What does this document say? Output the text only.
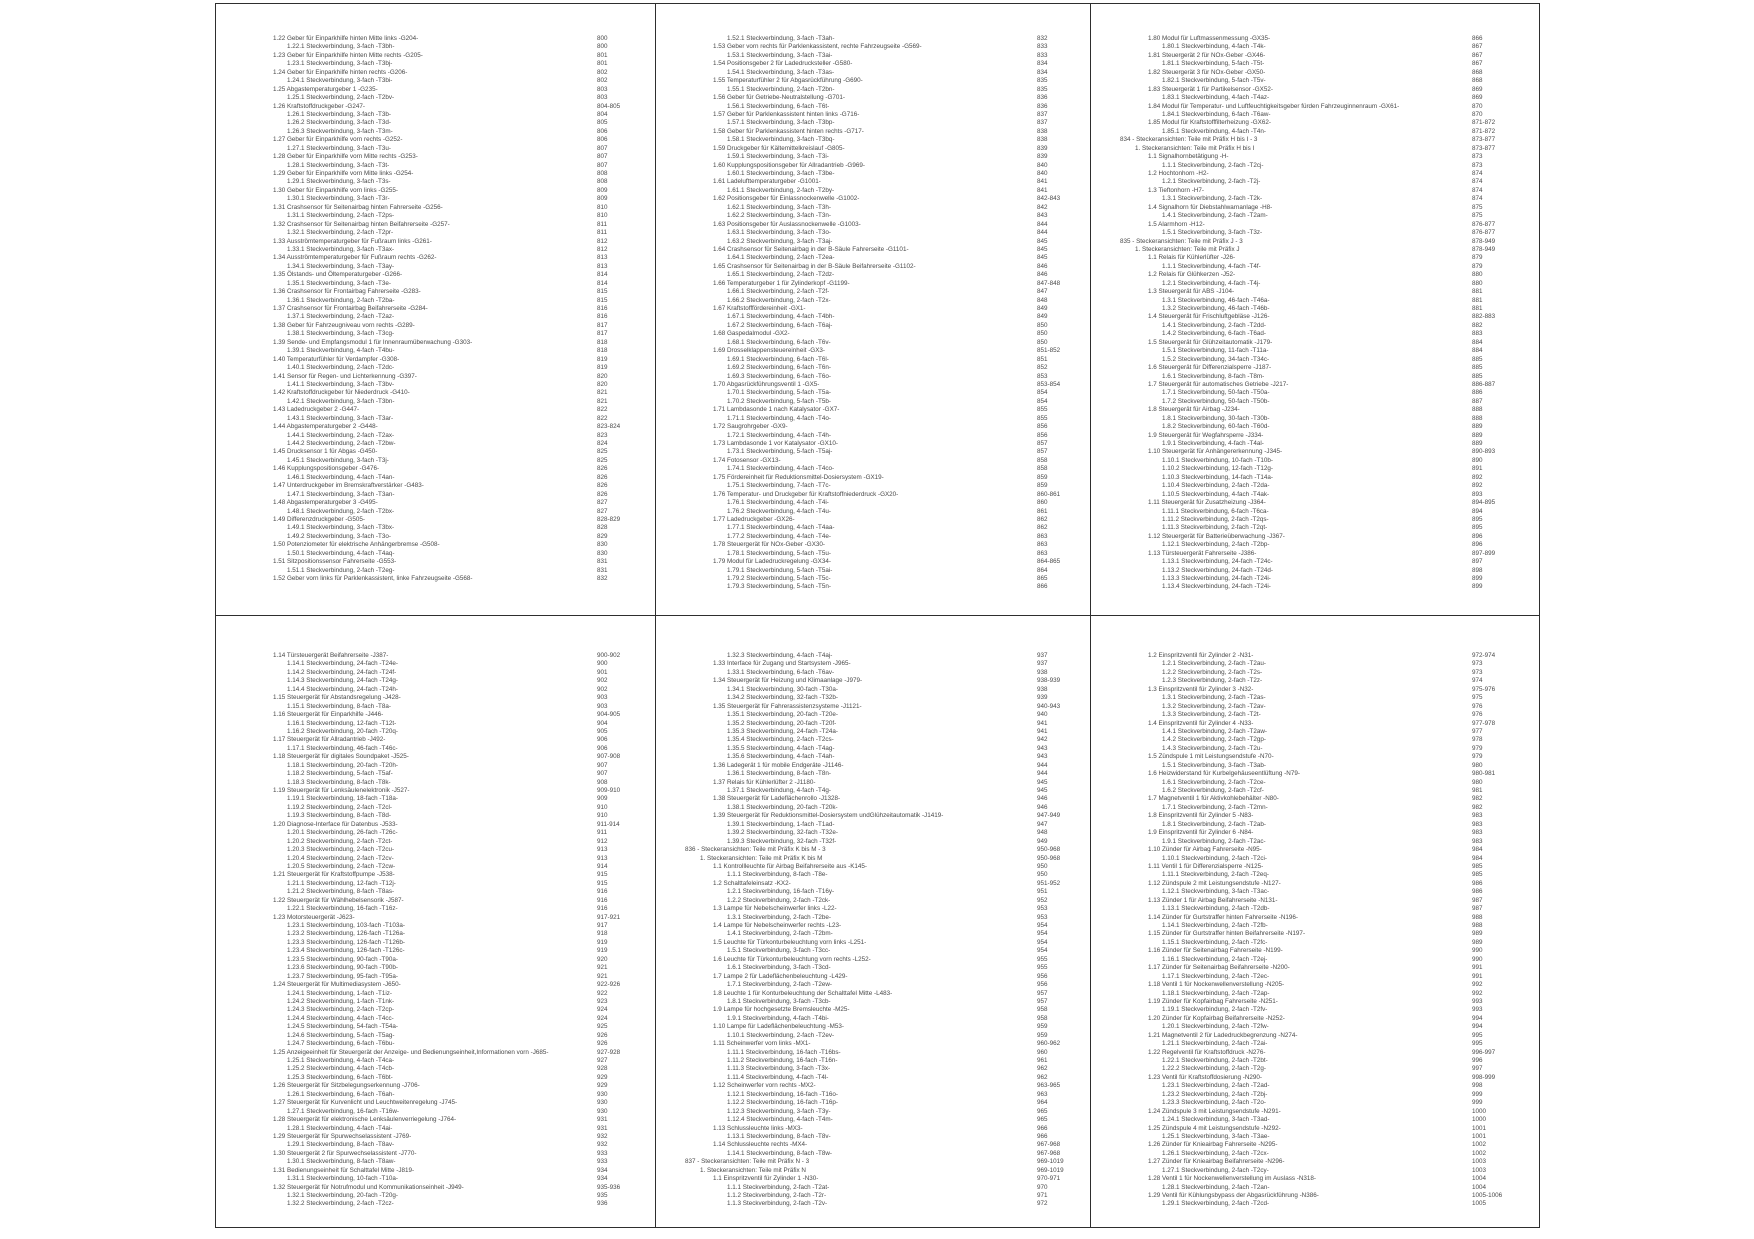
1.22 Geber für Einparkhilfe hinten Mitte links -G204-	800
1.22.1 Steckverbindung, 3-fach -T3bh-	800
1.23 Geber für Einparkhilfe hinten Mitte rechts -G205-	801
1.23.1 Steckverbindung, 3-fach -T3bj-	801
1.24 Geber für Einparkhilfe hinten rechts -G206-	802
1.24.1 Steckverbindung, 3-fach -T3bi-	802
1.25 Abgastemperaturgeber 1 -G235-	803
1.25.1 Steckverbindung, 2-fach -T2bv-	803
1.26 Kraftstoffdruckgeber -G247-	804-805
1.26.1 Steckverbindung, 3-fach -T3b-	804
1.26.2 Steckverbindung, 3-fach -T3d-	805
1.26.3 Steckverbindung, 3-fach -T3m-	806
1.27 Geber für Einparkhilfe vorn rechts -G252-	806
1.27.1 Steckverbindung, 3-fach -T3u-	807
1.28 Geber für Einparkhilfe vorn Mitte rechts -G253-	807
1.28.1 Steckverbindung, 3-fach -T3t-	807
1.29 Geber für Einparkhilfe vorn Mitte links -G254-	808
1.29.1 Steckverbindung, 3-fach -T3s-	808
1.30 Geber für Einparkhilfe vorn links -G255-	809
1.30.1 Steckverbindung, 3-fach -T3r-	809
1.31 Crashsensor für Seitenairbag hinten Fahrerseite -G256-	810
1.31.1 Steckverbindung, 2-fach -T2ps-	810
1.32 Crashsensor für Seitenairbag hinten Beifahrerseite -G257-	811
1.32.1 Steckverbindung, 2-fach -T2pr-	811
1.33 Ausströmtemperaturgeber für Fußraum links -G261-	812
1.33.1 Steckverbindung, 3-fach -T3ax-	812
1.34 Ausströmtemperaturgeber für Fußraum rechts -G262-	813
1.34.1 Steckverbindung, 3-fach -T3ay-	813
1.35 Ölstands- und Öltemperaturgeber -G266-	814
1.35.1 Steckverbindung, 3-fach -T3e-	814
1.36 Crashsensor für Frontairbag Fahrerseite -G283-	815
1.36.1 Steckverbindung, 2-fach -T2ba-	815
1.37 Crashsensor für Frontairbag Beifahrerseite -G284-	816
1.37.1 Steckverbindung, 2-fach -T2az-	816
1.38 Geber für Fahrzeugniveau vorn rechts -G289-	817
1.38.1 Steckverbindung, 3-fach -T3cg-	817
1.39 Sende- und Empfangsmodul 1 für Innenraumüberwachung -G303-	818
1.39.1 Steckverbindung, 4-fach -T4bu-	818
1.40 Temperaturfühler für Verdampfer -G308-	819
1.40.1 Steckverbindung, 2-fach -T2dc-	819
1.41 Sensor für Regen- und Lichterkennung -G397-	820
1.41.1 Steckverbindung, 3-fach -T3bv-	820
1.42 Kraftstoffdruckgeber für Niederdruck -G410-	821
1.42.1 Steckverbindung, 3-fach -T3bn-	821
1.43 Ladedruckgeber 2 -G447-	822
1.43.1 Steckverbindung, 3-fach -T3ar-	822
1.44 Abgastemperaturgeber 2 -G448-	823-824
1.44.1 Steckverbindung, 2-fach -T2ax-	823
1.44.2 Steckverbindung, 2-fach -T2bw-	824
1.45 Drucksensor 1 für Abgas -G450-	825
1.45.1 Steckverbindung, 3-fach -T3j-	825
1.46 Kupplungspositionsgeber -G476-	826
1.46.1 Steckverbindung, 4-fach -T4an-	826
1.47 Unterdruckgeber im Bremskraftverstärker -G483-	826
1.47.1 Steckverbindung, 3-fach -T3an-	826
1.48 Abgastemperaturgeber 3 -G495-	827
1.48.1 Steckverbindung, 2-fach -T2bx-	827
1.49 Differenzdruckgeber -G505-	828-829
1.49.1 Steckverbindung, 3-fach -T3bx-	828
1.49.2 Steckverbindung, 3-fach -T3o-	829
1.50 Potenziometer für elektrische Anhängerbremse -G508-	830
1.50.1 Steckverbindung, 4-fach -T4aq-	830
1.51 Sitzpositionssensor Fahrerseite -G553-	831
1.51.1 Steckverbindung, 2-fach -T2eg-	831
1.52 Geber vorn links für Parklenkassistent, linke Fahrzeugseite -G568-	832
1.52.1 Steckverbindung, 3-fach -T3ah-	832
1.53 Geber vorn rechts für Parklenkassistent, rechte Fahrzeugseite -G569-	833
1.53.1 Steckverbindung, 3-fach -T3ai-	833
1.54 Positionsgeber 2 für Ladedrucksteller -G580-	834
1.54.1 Steckverbindung, 3-fach -T3as-	834
1.55 Temperaturfühler 2 für Abgasrückführung -G690-	835
1.55.1 Steckverbindung, 2-fach -T2bn-	835
1.56 Geber für Getriebe-Neutralstellung -G701-	836
1.56.1 Steckverbindung, 6-fach -T6t-	836
1.57 Geber für Parklenkassistent hinten links -G716-	837
1.57.1 Steckverbindung, 3-fach -T3bp-	837
1.58 Geber für Parklenkassistent hinten rechts -G717-	838
1.58.1 Steckverbindung, 3-fach -T3bq-	838
1.59 Druckgeber für Kältemittelkreislauf -G805-	839
1.59.1 Steckverbindung, 3-fach -T3i-	839
1.60 Kupplungspositionsgeber für Allradantrieb -G969-	840
1.60.1 Steckverbindung, 3-fach -T3be-	840
1.61 Ladelufttemperaturgeber -G1001-	841
1.61.1 Steckverbindung, 2-fach -T2by-	841
1.62 Positionsgeber für Einlassnockenwelle -G1002-	842-843
1.62.1 Steckverbindung, 3-fach -T3h-	842
1.62.2 Steckverbindung, 3-fach -T3n-	843
1.63 Positionsgeber für Auslassnockenwelle -G1003-	844
1.63.1 Steckverbindung, 3-fach -T3o-	844
1.63.2 Steckverbindung, 3-fach -T3aj-	845
1.64 Crashsensor für Seitenairbag in der B-Säule Fahrerseite -G1101-	845
1.64.1 Steckverbindung, 2-fach -T2ea-	845
1.65 Crashsensor für Seitenairbag in der B-Säule Beifahrerseite -G1102-	846
1.65.1 Steckverbindung, 2-fach -T2dz-	846
1.66 Temperaturgeber 1 für Zylinderkopf -G1199-	847-848
1.66.1 Steckverbindung, 2-fach -T2f-	847
1.66.2 Steckverbindung, 2-fach -T2x-	848
1.67 Kraftstofffördereinheit -GX1-	849
1.67.1 Steckverbindung, 4-fach -T4bh-	849
1.67.2 Steckverbindung, 6-fach -T6aj-	850
1.68 Gaspedalmodul -GX2-	850
1.68.1 Steckverbindung, 6-fach -T6v-	850
1.69 Drosselklappensteuereinheit -GX3-	851-852
1.69.1 Steckverbindung, 6-fach -T6l-	851
1.69.2 Steckverbindung, 6-fach -T6n-	852
1.69.3 Steckverbindung, 6-fach -T6o-	853
1.70 Abgasrückführungsventil 1 -GX5-	853-854
1.70.1 Steckverbindung, 5-fach -T5a-	854
1.70.2 Steckverbindung, 5-fach -T5b-	854
1.71 Lambdasonde 1 nach Katalysator -GX7-	855
1.71.1 Steckverbindung, 4-fach -T4o-	855
1.72 Saugrohrgeber -GX9-	856
1.72.1 Steckverbindung, 4-fach -T4h-	856
1.73 Lambdasonde 1 vor Katalysator -GX10-	857
1.73.1 Steckverbindung, 5-fach -T5aj-	857
1.74 Fotosensor -GX13-	858
1.74.1 Steckverbindung, 4-fach -T4co-	858
1.75 Fördereinheit für Reduktionsmittel-Dosiersystem -GX19-	859
1.75.1 Steckverbindung, 7-fach -T7c-	859
1.76 Temperatur- und Druckgeber für Kraftstoffniederdruck -GX20-	860-861
1.76.1 Steckverbindung, 4-fach -T4i-	860
1.76.2 Steckverbindung, 4-fach -T4u-	861
1.77 Ladedruckgeber -GX26-	862
1.77.1 Steckverbindung, 4-fach -T4aa-	862
1.77.2 Steckverbindung, 4-fach -T4e-	863
1.78 Steuergerät für NOx-Geber -GX30-	863
1.78.1 Steckverbindung, 5-fach -T5u-	863
1.79 Modul für Ladedruckregelung -GX34-	864-865
1.79.1 Steckverbindung, 5-fach -T5ai-	864
1.79.2 Steckverbindung, 5-fach -T5c-	865
1.79.3 Steckverbindung, 5-fach -T5n-	866
1.80 Modul für Luftmassenmessung -GX35-	866
1.80.1 Steckverbindung, 4-fach -T4k-	867
1.81 Steuergerät 2 für NOx-Geber -GX46-	867
1.81.1 Steckverbindung, 5-fach -T5t-	867
1.82 Steuergerät 3 für NOx-Geber -GX50-	868
1.82.1 Steckverbindung, 5-fach -T5v-	868
1.83 Steuergerät 1 für Partikelsensor -GX52-	869
1.83.1 Steckverbindung, 4-fach -T4az-	869
1.84 Modul für Temperatur- und Luftfeuchtigkeitsgeber fürden Fahrzeuginnenraum -GX61-	870
1.84.1 Steckverbindung, 6-fach -T6aw-	870
1.85 Modul für Kraftstofffilterheizung -GX62-	871-872
1.85.1 Steckverbindung, 4-fach -T4n-	871-872
834 - Steckeransichten: Teile mit Präfix H bis I - 3	873-877
1. Steckeransichten: Teile mit Präfix H bis I	873-877
1.1 Signalhornbetätigung -H-	873
1.1.1 Steckverbindung, 2-fach -T2cj-	873
1.2 Hochtonhorn -H2-	874
1.2.1 Steckverbindung, 2-fach -T2j-	874
1.3 Tieftonhorn -H7-	874
1.3.1 Steckverbindung, 2-fach -T2k-	874
1.4 Signalhorn für Diebstahlwarnanlage -H8-	875
1.4.1 Steckverbindung, 2-fach -T2am-	875
1.5 Alarmhorn -H12-	876-877
1.5.1 Steckverbindung, 3-fach -T3z-	876-877
835 - Steckeransichten: Teile mit Präfix J - 3	878-949
1. Steckeransichten: Teile mit Präfix J	878-949
1.1 Relais für Kühlerlüfter -J26-	879
1.1.1 Steckverbindung, 4-fach -T4f-	879
1.2 Relais für Glühkerzen -J52-	880
1.2.1 Steckverbindung, 4-fach -T4j-	880
1.3 Steuergerät für ABS -J104-	881
1.3.1 Steckverbindung, 46-fach -T46a-	881
1.3.2 Steckverbindung, 46-fach -T46b-	881
1.4 Steuergerät für Frischluftgebläse -J126-	882-883
1.4.1 Steckverbindung, 2-fach -T2dd-	882
1.4.2 Steckverbindung, 6-fach -T6ad-	883
1.5 Steuergerät für Glühzeitautomatik -J179-	884
1.5.1 Steckverbindung, 11-fach -T11a-	884
1.5.2 Steckverbindung, 34-fach -T34c-	885
1.6 Steuergerät für Differenzialsperre -J187-	885
1.6.1 Steckverbindung, 8-fach -T8m-	885
1.7 Steuergerät für automatisches Getriebe -J217-	886-887
1.7.1 Steckverbindung, 50-fach -T50a-	886
1.7.2 Steckverbindung, 50-fach -T50b-	887
1.8 Steuergerät für Airbag -J234-	888
1.8.1 Steckverbindung, 30-fach -T30b-	888
1.8.2 Steckverbindung, 60-fach -T60d-	889
1.9 Steuergerät für Wegfahrsperre -J334-	889
1.9.1 Steckverbindung, 4-fach -T4al-	889
1.10 Steuergerät für Anhängererkennung -J345-	890-893
1.10.1 Steckverbindung, 10-fach -T10b-	890
1.10.2 Steckverbindung, 12-fach -T12g-	891
1.10.3 Steckverbindung, 14-fach -T14a-	892
1.10.4 Steckverbindung, 2-fach -T2da-	892
1.10.5 Steckverbindung, 4-fach -T4ak-	893
1.11 Steuergerät für Zusatzheizung -J364-	894-895
1.11.1 Steckverbindung, 6-fach -T6ca-	894
1.11.2 Steckverbindung, 2-fach -T2qs-	895
1.11.3 Steckverbindung, 2-fach -T2qt-	895
1.12 Steuergerät für Batterieüberwachung -J367-	896
1.12.1 Steckverbindung, 2-fach -T2bp-	896
1.13 Türsteuergerät Fahrerseite -J386-	897-899
1.13.1 Steckverbindung, 24-fach -T24c-	897
1.13.2 Steckverbindung, 24-fach -T24d-	898
1.13.3 Steckverbindung, 24-fach -T24i-	899
1.13.4 Steckverbindung, 24-fach -T24i-	899
1.14 Türsteuergerät Beifahrerseite -J387-	900-902
1.14.1 Steckverbindung, 24-fach -T24e-	900
1.14.2 Steckverbindung, 24-fach -T24f-	901
1.14.3 Steckverbindung, 24-fach -T24g-	902
1.14.4 Steckverbindung, 24-fach -T24h-	902
1.15 Steuergerät für Abstandsregelung -J428-	903
1.15.1 Steckverbindung, 8-fach -T8a-	903
1.16 Steuergerät für Einparkhilfe -J446-	904-905
1.16.1 Steckverbindung, 12-fach -T12t-	904
1.16.2 Steckverbindung, 20-fach -T20q-	905
1.17 Steuergerät für Allradantrieb -J492-	906
1.17.1 Steckverbindung, 46-fach -T46c-	906
1.18 Steuergerät für digitales Soundpaket -J525-	907-908
1.18.1 Steckverbindung, 20-fach -T20h-	907
1.18.2 Steckverbindung, 5-fach -T5af-	907
1.18.3 Steckverbindung, 8-fach -T8k-	908
1.19 Steuergerät für Lenksäulenelektronik -J527-	909-910
1.19.1 Steckverbindung, 18-fach -T18a-	909
1.19.2 Steckverbindung, 2-fach -T2cl-	910
1.19.3 Steckverbindung, 8-fach -T8d-	910
1.20 Diagnose-Interface für Datenbus -J533-	911-914
1.20.1 Steckverbindung, 26-fach -T26c-	911
1.20.2 Steckverbindung, 2-fach -T2ct-	912
1.20.3 Steckverbindung, 2-fach -T2cu-	913
1.20.4 Steckverbindung, 2-fach -T2cv-	913
1.20.5 Steckverbindung, 2-fach -T2cw-	914
1.21 Steuergerät für Kraftstoffpumpe -J538-	915
1.21.1 Steckverbindung, 12-fach -T12j-	915
1.21.2 Steckverbindung, 8-fach -T8as-	916
1.22 Steuergerät für Wählhebelsensorik -J587-	916
1.22.1 Steckverbindung, 16-fach -T16z-	916
1.23 Motorsteuergerät -J623-	917-921
1.23.1 Steckverbindung, 103-fach -T103a-	917
1.23.2 Steckverbindung, 126-fach -T126a-	918
1.23.3 Steckverbindung, 126-fach -T126b-	919
1.23.4 Steckverbindung, 126-fach -T126c-	919
1.23.5 Steckverbindung, 90-fach -T90a-	920
1.23.6 Steckverbindung, 90-fach -T90b-	921
1.23.7 Steckverbindung, 95-fach -T95a-	921
1.24 Steuergerät für Multimediasystem -J650-	922-926
1.24.1 Steckverbindung, 1-fach -T1iz-	922
1.24.2 Steckverbindung, 1-fach -T1nk-	923
1.24.3 Steckverbindung, 2-fach -T2cp-	924
1.24.4 Steckverbindung, 4-fach -T4cc-	924
1.24.5 Steckverbindung, 54-fach -T54a-	925
1.24.6 Steckverbindung, 5-fach -T5ag-	926
1.24.7 Steckverbindung, 6-fach -T6bu-	926
1.25 Anzeigeeinheit für Steuergerät der Anzeige- und Bedienungseinheit,Informationen vorn -J685-	927-928
1.25.1 Steckverbindung, 4-fach -T4ca-	927
1.25.2 Steckverbindung, 4-fach -T4cb-	928
1.25.3 Steckverbindung, 6-fach -T6bt-	929
1.26 Steuergerät für Sitzbelegungserkennung -J706-	929
1.26.1 Steckverbindung, 6-fach -T6ah-	930
1.27 Steuergerät für Kurvenlicht und Leuchtweitenregelung -J745-	930
1.27.1 Steckverbindung, 16-fach -T16w-	930
1.28 Steuergerät für elektronische Lenksäulenverriegelung -J764-	931
1.28.1 Steckverbindung, 4-fach -T4ai-	931
1.29 Steuergerät für Spurwechselassistent -J769-	932
1.29.1 Steckverbindung, 8-fach -T8av-	932
1.30 Steuergerät 2 für Spurwechselassistent -J770-	933
1.30.1 Steckverbindung, 8-fach -T8aw-	933
1.31 Bedienungseinheit für Schalttafel Mitte -J819-	934
1.31.1 Steckverbindung, 10-fach -T10a-	934
1.32 Steuergerät für Notrufmodul und Kommunikationseinheit -J949-	935-936
1.32.1 Steckverbindung, 20-fach -T20g-	935
1.32.2 Steckverbindung, 2-fach -T2cz-	936
1.32.3 Steckverbindung, 4-fach -T4aj-	937
1.33 Interface für Zugang und Startsystem -J965-	937
1.33.1 Steckverbindung, 6-fach -T6av-	938
1.34 Steuergerät für Heizung und Klimaanlage -J979-	938-939
1.34.1 Steckverbindung, 30-fach -T30a-	938
1.34.2 Steckverbindung, 32-fach -T32b-	939
1.35 Steuergerät für Fahrerassistenzsysteme -J1121-	940-943
1.35.1 Steckverbindung, 20-fach -T20e-	940
1.35.2 Steckverbindung, 20-fach -T20f-	941
1.35.3 Steckverbindung, 24-fach -T24a-	941
1.35.4 Steckverbindung, 2-fach -T2cs-	942
1.35.5 Steckverbindung, 4-fach -T4ag-	943
1.35.6 Steckverbindung, 4-fach -T4ah-	943
1.36 Ladegerät 1 für mobile Endgeräte -J1146-	944
1.36.1 Steckverbindung, 8-fach -T8n-	944
1.37 Relais für Kühlerlüfter 2 -J1180-	945
1.37.1 Steckverbindung, 4-fach -T4g-	945
1.38 Steuergerät für Ladeflächenrollo -J1328-	946
1.38.1 Steckverbindung, 20-fach -T20k-	946
1.39 Steuergerät für Reduktionsmittel-Dosiersystem undGlühzeitautomatik -J1419-	947-949
1.39.1 Steckverbindung, 1-fach -T1ad-	947
1.39.2 Steckverbindung, 32-fach -T32e-	948
1.39.3 Steckverbindung, 32-fach -T32f-	949
836 - Steckeransichten: Teile mit Präfix K bis M - 3	950-968
1. Steckeransichten: Teile mit Präfix K bis M	950-968
1.1 Kontrollleuchte für Airbag Beifahrerseite aus -K145-	950
1.1.1 Steckverbindung, 8-fach -T8e-	950
1.2 Schalttafeleinsatz -KX2-	951-952
1.2.1 Steckverbindung, 16-fach -T16y-	951
1.2.2 Steckverbindung, 2-fach -T2ck-	952
1.3 Lampe für Nebelscheinwerfer links -L22-	953
1.3.1 Steckverbindung, 2-fach -T2be-	953
1.4 Lampe für Nebelscheinwerfer rechts -L23-	954
1.4.1 Steckverbindung, 2-fach -T2bm-	954
1.5 Leuchte für Türkonturbeleuchtung vorn links -L251-	954
1.5.1 Steckverbindung, 3-fach -T3cc-	954
1.6 Leuchte für Türkonturbeleuchtung vorn rechts -L252-	955
1.6.1 Steckverbindung, 3-fach -T3cd-	955
1.7 Lampe 2 für Ladeflächenbeleuchtung -L429-	956
1.7.1 Steckverbindung, 2-fach -T2ew-	956
1.8 Leuchte 1 für Konturbeleuchtung der Schalttafel Mitte -L483-	957
1.8.1 Steckverbindung, 3-fach -T3cb-	957
1.9 Lampe für hochgesetzte Bremsleuchte -M25-	958
1.9.1 Steckverbindung, 4-fach -T4bi-	958
1.10 Lampe für Ladeflächenbeleuchtung -M53-	959
1.10.1 Steckverbindung, 2-fach -T2ev-	959
1.11 Scheinwerfer vorn links -MX1-	960-962
1.11.1 Steckverbindung, 16-fach -T16bs-	960
1.11.2 Steckverbindung, 16-fach -T16n-	961
1.11.3 Steckverbindung, 3-fach -T3x-	962
1.11.4 Steckverbindung, 4-fach -T4l-	962
1.12 Scheinwerfer vorn rechts -MX2-	963-965
1.12.1 Steckverbindung, 16-fach -T16o-	963
1.12.2 Steckverbindung, 16-fach -T16p-	964
1.12.3 Steckverbindung, 3-fach -T3y-	965
1.12.4 Steckverbindung, 4-fach -T4m-	965
1.13 Schlussleuchte links -MX3-	966
1.13.1 Steckverbindung, 8-fach -T8v-	966
1.14 Schlussleuchte rechts -MX4-	967-968
1.14.1 Steckverbindung, 8-fach -T8w-	967-968
837 - Steckeransichten: Teile mit Präfix N - 3	969-1019
1. Steckeransichten: Teile mit Präfix N	969-1019
1.1 Einspritzventil für Zylinder 1 -N30-	970-971
1.1.1 Steckverbindung, 2-fach -T2at-	970
1.1.2 Steckverbindung, 2-fach -T2r-	971
1.1.3 Steckverbindung, 2-fach -T2v-	972
1.2 Einspritzventil für Zylinder 2 -N31-	972-974
1.2.1 Steckverbindung, 2-fach -T2au-	973
1.2.2 Steckverbindung, 2-fach -T2s-	973
1.2.3 Steckverbindung, 2-fach -T2z-	974
1.3 Einspritzventil für Zylinder 3 -N32-	975-976
1.3.1 Steckverbindung, 2-fach -T2as-	975
1.3.2 Steckverbindung, 2-fach -T2av-	976
1.3.3 Steckverbindung, 2-fach -T2t-	976
1.4 Einspritzventil für Zylinder 4 -N33-	977-978
1.4.1 Steckverbindung, 2-fach -T2aw-	977
1.4.2 Steckverbindung, 2-fach -T2gp-	978
1.4.3 Steckverbindung, 2-fach -T2u-	979
1.5 Zündspule 1 mit Leistungsendstufe -N70-	979
1.5.1 Steckverbindung, 3-fach -T3ab-	980
1.6 Heizwiderstand für Kurbelgehäuseentlüftung -N79-	980-981
1.6.1 Steckverbindung, 2-fach -T2ce-	980
1.6.2 Steckverbindung, 2-fach -T2cf-	981
1.7 Magnetventil 1 für Aktivkohlebehälter -N80-	982
1.7.1 Steckverbindung, 2-fach -T2mn-	982
1.8 Einspritzventil für Zylinder 5 -N83-	983
1.8.1 Steckverbindung, 2-fach -T2ab-	983
1.9 Einspritzventil für Zylinder 6 -N84-	983
1.9.1 Steckverbindung, 2-fach -T2ac-	983
1.10 Zünder für Airbag Fahrerseite -N95-	984
1.10.1 Steckverbindung, 2-fach -T2ci-	984
1.11 Ventil 1 für Differenzialsperre -N125-	985
1.11.1 Steckverbindung, 2-fach -T2eq-	985
1.12 Zündspule 2 mit Leistungsendstufe -N127-	986
1.12.1 Steckverbindung, 3-fach -T3ac-	986
1.13 Zünder 1 für Airbag Beifahrerseite -N131-	987
1.13.1 Steckverbindung, 2-fach -T2db-	987
1.14 Zünder für Gurtstraffer hinten Fahrerseite -N196-	988
1.14.1 Steckverbindung, 2-fach -T2fb-	988
1.15 Zünder für Gurtstraffer hinten Beifahrerseite -N197-	989
1.15.1 Steckverbindung, 2-fach -T2fc-	989
1.16 Zünder für Seitenairbag Fahrerseite -N199-	990
1.16.1 Steckverbindung, 2-fach -T2ej-	990
1.17 Zünder für Seitenairbag Beifahrerseite -N200-	991
1.17.1 Steckverbindung, 2-fach -T2ec-	991
1.18 Ventil 1 für Nockenwellenverstellung -N205-	992
1.18.1 Steckverbindung, 2-fach -T2ap-	992
1.19 Zünder für Kopfairbag Fahrerseite -N251-	993
1.19.1 Steckverbindung, 2-fach -T2fv-	993
1.20 Zünder für Kopfairbag Beifahrerseite -N252-	994
1.20.1 Steckverbindung, 2-fach -T2fw-	994
1.21 Magnetventil 2 für Ladedruckbegrenzung -N274-	995
1.21.1 Steckverbindung, 2-fach -T2ai-	995
1.22 Regelventil für Kraftstoffdruck -N276-	996-997
1.22.1 Steckverbindung, 2-fach -T2bt-	996
1.22.2 Steckverbindung, 2-fach -T2g-	997
1.23 Ventil für Kraftstoffdosierung -N290-	998-999
1.23.1 Steckverbindung, 2-fach -T2ad-	998
1.23.2 Steckverbindung, 2-fach -T2bj-	999
1.23.3 Steckverbindung, 2-fach -T2o-	999
1.24 Zündspule 3 mit Leistungsendstufe -N291-	1000
1.24.1 Steckverbindung, 3-fach -T3ad-	1000
1.25 Zündspule 4 mit Leistungsendstufe -N292-	1001
1.25.1 Steckverbindung, 3-fach -T3ae-	1001
1.26 Zünder für Knieairbag Fahrerseite -N295-	1002
1.26.1 Steckverbindung, 2-fach -T2cx-	1002
1.27 Zünder für Knieairbag Beifahrerseite -N296-	1003
1.27.1 Steckverbindung, 2-fach -T2cy-	1003
1.28 Ventil 1 für Nockenwellenverstellung im Auslass -N318-	1004
1.28.1 Steckverbindung, 2-fach -T2an-	1004
1.29 Ventil für Kühlungsbypass der Abgasrückführung -N386-	1005-1006
1.29.1 Steckverbindung, 2-fach -T2cd-	1005
